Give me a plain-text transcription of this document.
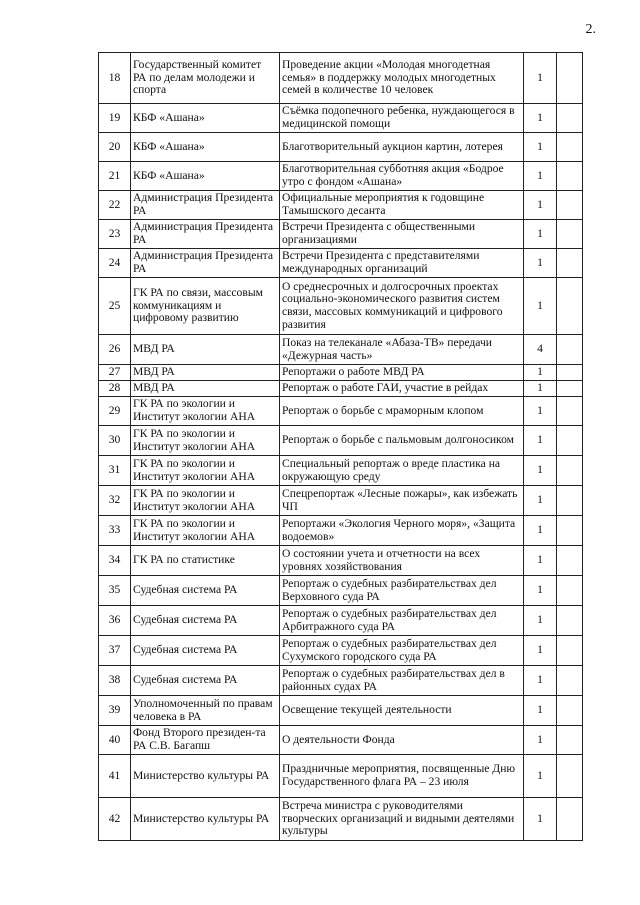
2.
18	Государственный комитет РА по делам молодежи и спорта	Проведение акции «Молодая многодетная семья» в поддержку молодых многодетных семей в количестве 10 человек	1	
19	КБФ «Ашана»	Съёмка подопечного ребенка, нуждающегося в медицинской помощи	1	
20	КБФ «Ашана»	Благотворительный аукцион картин, лотерея	1	
21	КБФ «Ашана»	Благотворительная субботняя акция «Бодрое утро с фондом «Ашана»	1	
22	Администрация Президента РА	Официальные мероприятия к годовщине Тамышского десанта	1	
23	Администрация Президента РА	Встречи Президента с общественными организациями	1	
24	Администрация Президента РА	Встречи Президента с представителями международных организаций	1	
25	ГК РА по связи, массовым коммуникациям и цифровому развитию	О среднесрочных и долгосрочных проектах социально-экономического развития систем связи, массовых коммуникаций и цифрового развития	1	
26	МВД РА	Показ на телеканале «Абаза-ТВ» передачи «Дежурная часть»	4	
27	МВД РА	Репортажи о работе МВД РА	1	
28	МВД РА	Репортаж о работе ГАИ, участие в рейдах	1	
29	ГК РА по экологии и Институт экологии АНА	Репортаж о борьбе с мраморным клопом	1	
30	ГК РА по экологии и Институт экологии АНА	Репортаж о борьбе с пальмовым долгоносиком	1	
31	ГК РА по экологии и Институт экологии АНА	Специальный репортаж о вреде пластика на окружающую среду	1	
32	ГК РА по экологии и Институт экологии АНА	Спецрепортаж «Лесные пожары», как избежать ЧП	1	
33	ГК РА по экологии и Институт экологии АНА	Репортажи «Экология Черного моря», «Защита водоемов»	1	
34	ГК РА по статистике	О состоянии учета и отчетности на всех уровнях хозяйствования	1	
35	Судебная система РА	Репортаж о судебных разбирательствах дел Верховного суда РА	1	
36	Судебная система РА	Репортаж о судебных разбирательствах дел Арбитражного суда РА	1	
37	Судебная система РА	Репортаж о судебных разбирательствах дел Сухумского городского суда РА	1	
38	Судебная система РА	Репортаж о судебных разбирательствах дел в районных судах РА	1	
39	Уполномоченный по правам человека в РА	Освещение текущей деятельности	1	
40	Фонд Второго президен-та РА С.В. Багапш	О деятельности Фонда	1	
41	Министерство культуры РА	Праздничные мероприятия, посвященные Дню Государственного флага РА – 23 июля	1	
42	Министерство культуры РА	Встреча министра с руководителями творческих организаций и видными деятелями культуры	1	
